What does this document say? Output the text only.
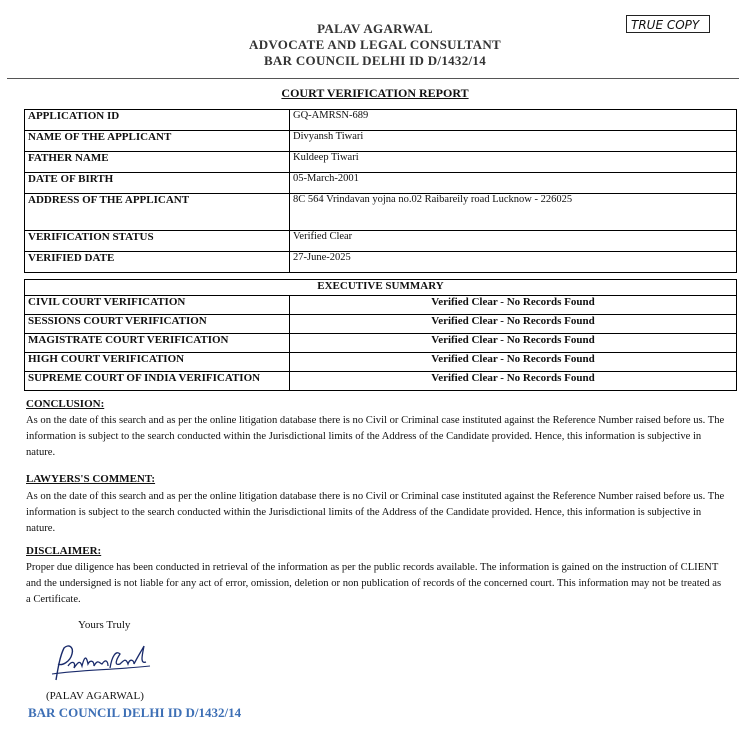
PALAV AGARWAL
ADVOCATE AND LEGAL CONSULTANT
BAR COUNCIL DELHI ID D/1432/14
TRUE COPY
COURT VERIFICATION REPORT
APPLICATION ID	GQ-AMRSN-689
NAME OF THE APPLICANT	Divyansh Tiwari
FATHER NAME	Kuldeep Tiwari
DATE OF BIRTH	05-March-2001
ADDRESS OF THE APPLICANT	8C 564 Vrindavan yojna no.02 Raibareily road Lucknow - 226025
VERIFICATION STATUS	Verified Clear
VERIFIED DATE	27-June-2025
EXECUTIVE SUMMARY	
CIVIL COURT VERIFICATION	Verified Clear - No Records Found
SESSIONS COURT VERIFICATION	Verified Clear - No Records Found
MAGISTRATE COURT VERIFICATION	Verified Clear - No Records Found
HIGH COURT VERIFICATION	Verified Clear - No Records Found
SUPREME COURT OF INDIA VERIFICATION	Verified Clear - No Records Found
CONCLUSION:
As on the date of this search and as per the online litigation database there is no Civil or Criminal case instituted against the Reference Number raised before us. The information is subject to the search conducted within the Jurisdictional limits of the Address of the Candidate provided. Hence, this information is subjective in nature.
LAWYERS'S COMMENT:
As on the date of this search and as per the online litigation database there is no Civil or Criminal case instituted against the Reference Number raised before us. The information is subject to the search conducted within the Jurisdictional limits of the Address of the Candidate provided. Hence, this information is subjective in nature.
DISCLAIMER:
Proper due diligence has been conducted in retrieval of the information as per the public records available. The information is gained on the instruction of CLIENT and the undersigned is not liable for any act of error, omission, deletion or non publication of records of the concerned court. This information may not be treated as a Certificate.
Yours Truly
(PALAV AGARWAL)
BAR COUNCIL DELHI ID D/1432/14
